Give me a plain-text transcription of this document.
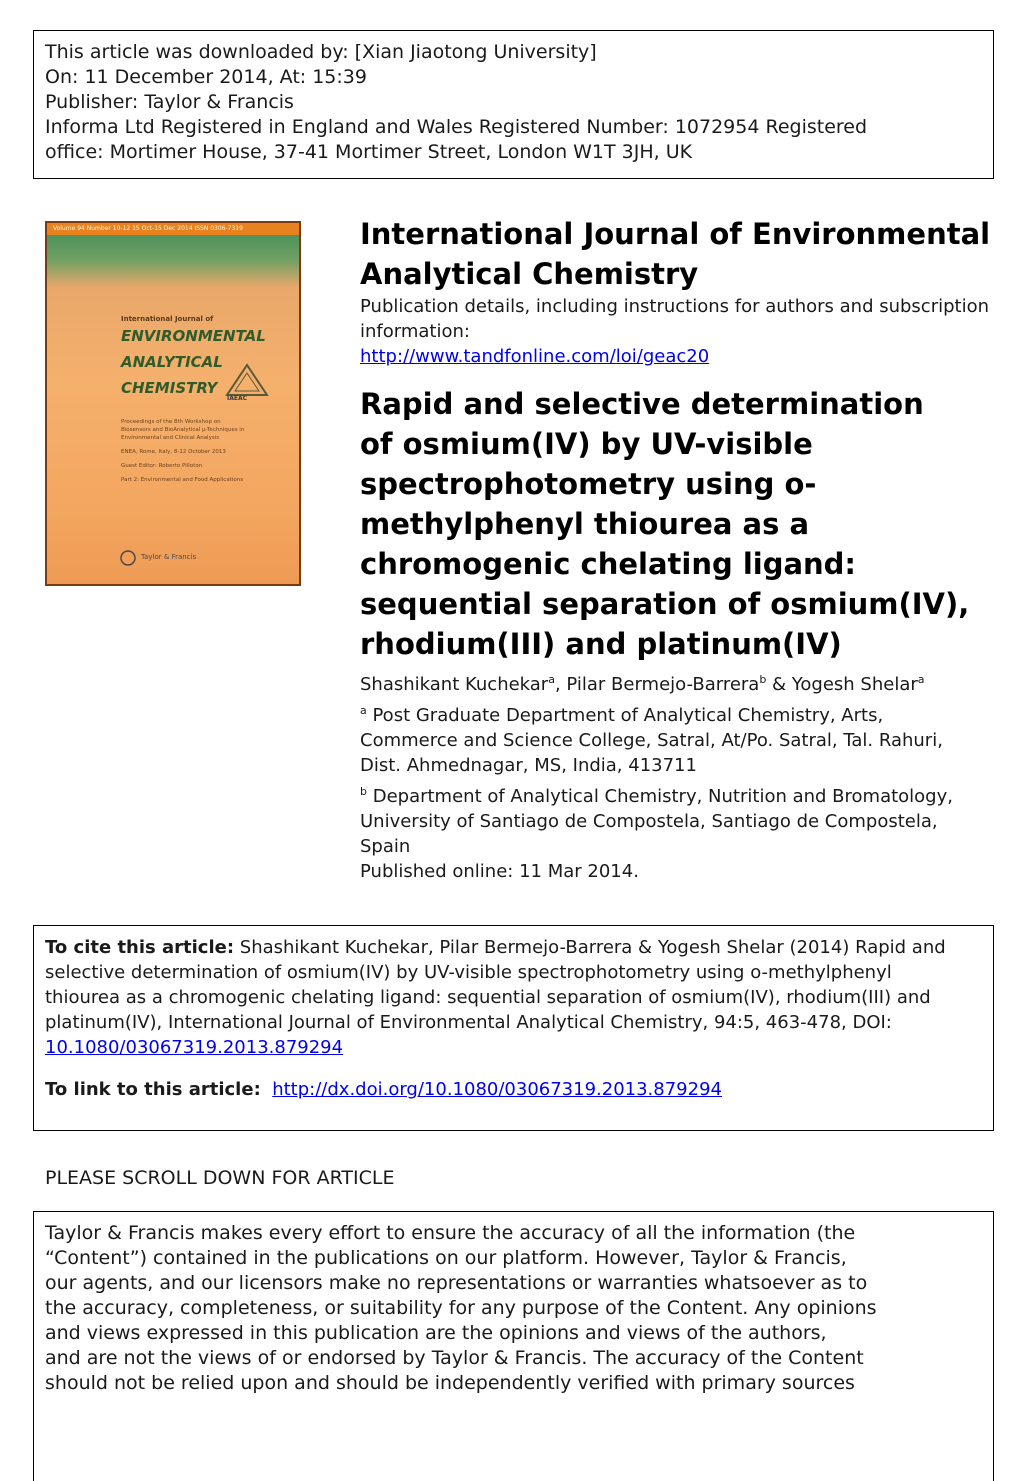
This article was downloaded by: [Xian Jiaotong University]
On: 11 December 2014, At: 15:39
Publisher: Taylor & Francis
Informa Ltd Registered in England and Wales Registered Number: 1072954 Registered
office: Mortimer House, 37-41 Mortimer Street, London W1T 3JH, UK
Volume 94 Number 10-12 15 Oct-15 Dec 2014 ISSN 0306-7319
International Journal of
ENVIRONMENTAL
ANALYTICAL
CHEMISTRY
IAEAC
Proceedings of the 8th Workshop on
Biosensors and BioAnalytical µ-Techniques in
Environmental and Clinical Analysis
ENEA, Rome, Italy, 8-12 October 2013
Guest Editor: Roberto Pilloton
Part 2: Environmental and Food Applications
Taylor & Francis
International Journal of Environmental Analytical Chemistry
Publication details, including instructions for authors and subscription information:
http://www.tandfonline.com/loi/geac20
Rapid and selective determination
of osmium(IV) by UV-visible
spectrophotometry using o-
methylphenyl thiourea as a
chromogenic chelating ligand:
sequential separation of osmium(IV),
rhodium(III) and platinum(IV)
Shashikant Kuchekar$^a$, Pilar Bermejo-Barrera$^b$ & Yogesh Shelar$^a$
$^a$ Post Graduate Department of Analytical Chemistry, Arts,
Commerce and Science College, Satral, At/Po. Satral, Tal. Rahuri,
Dist. Ahmednagar, MS, India, 413711
$^b$ Department of Analytical Chemistry, Nutrition and Bromatology,
University of Santiago de Compostela, Santiago de Compostela,
Spain
Published online: 11 Mar 2014.
To cite this article: Shashikant Kuchekar, Pilar Bermejo-Barrera & Yogesh Shelar (2014) Rapid and
selective determination of osmium(IV) by UV-visible spectrophotometry using o-methylphenyl
thiourea as a chromogenic chelating ligand: sequential separation of osmium(IV), rhodium(III) and
platinum(IV), International Journal of Environmental Analytical Chemistry, 94:5, 463-478, DOI:
10.1080/03067319.2013.879294
To link to this article: http://dx.doi.org/10.1080/03067319.2013.879294
PLEASE SCROLL DOWN FOR ARTICLE
Taylor & Francis makes every effort to ensure the accuracy of all the information (the
“Content”) contained in the publications on our platform. However, Taylor & Francis,
our agents, and our licensors make no representations or warranties whatsoever as to
the accuracy, completeness, or suitability for any purpose of the Content. Any opinions
and views expressed in this publication are the opinions and views of the authors,
and are not the views of or endorsed by Taylor & Francis. The accuracy of the Content
should not be relied upon and should be independently verified with primary sources
